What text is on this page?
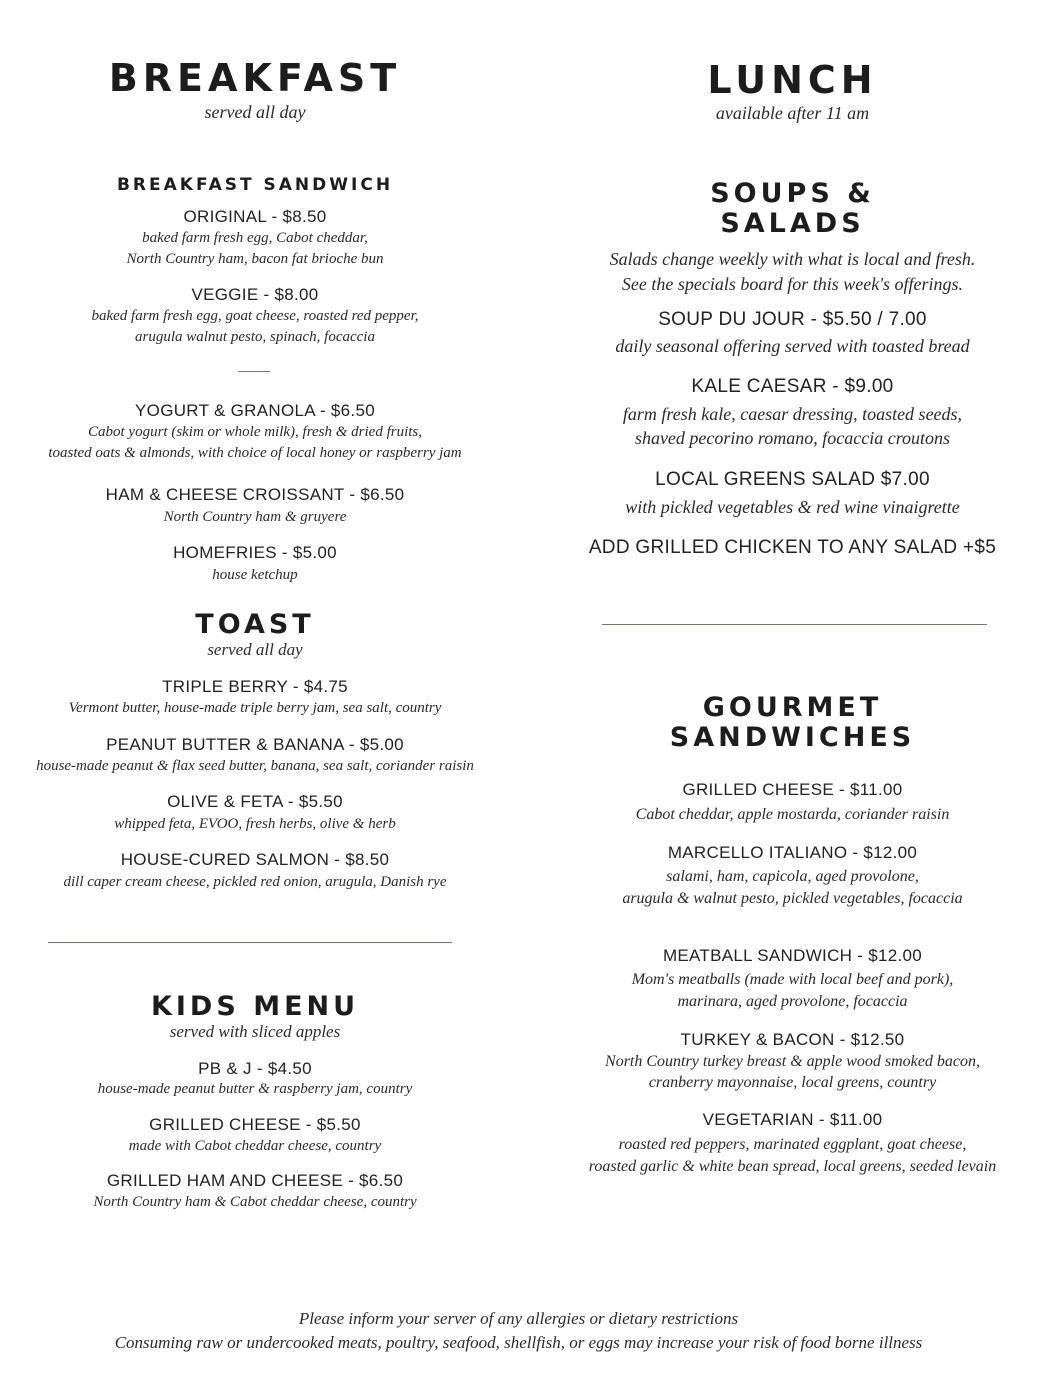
BREAKFAST
served all day
BREAKFAST SANDWICH
ORIGINAL - $8.50
baked farm fresh egg, Cabot cheddar,
North Country ham, bacon fat brioche bun
VEGGIE - $8.00
baked farm fresh egg, goat cheese, roasted red pepper,
arugula walnut pesto, spinach, focaccia
YOGURT & GRANOLA - $6.50
Cabot yogurt (skim or whole milk), fresh & dried fruits,
toasted oats & almonds, with choice of local honey or raspberry jam
HAM & CHEESE CROISSANT - $6.50
North Country ham & gruyere
HOMEFRIES - $5.00
house ketchup
TOAST
served all day
TRIPLE BERRY - $4.75
Vermont butter, house-made triple berry jam, sea salt, country
PEANUT BUTTER & BANANA - $5.00
house-made peanut & flax seed butter, banana, sea salt, coriander raisin
OLIVE & FETA - $5.50
whipped feta, EVOO, fresh herbs, olive & herb
HOUSE-CURED SALMON - $8.50
dill caper cream cheese, pickled red onion, arugula, Danish rye
KIDS MENU
served with sliced apples
PB & J - $4.50
house-made peanut butter & raspberry jam, country
GRILLED CHEESE - $5.50
made with Cabot cheddar cheese, country
GRILLED HAM AND CHEESE - $6.50
North Country ham & Cabot cheddar cheese, country
LUNCH
available after 11 am
SOUPS &
SALADS
Salads change weekly with what is local and fresh.
See the specials board for this week's offerings.
SOUP DU JOUR - $5.50 / 7.00
daily seasonal offering served with toasted bread
KALE CAESAR - $9.00
farm fresh kale, caesar dressing, toasted seeds,
shaved pecorino romano, focaccia croutons
LOCAL GREENS SALAD $7.00
with pickled vegetables & red wine vinaigrette
ADD GRILLED CHICKEN TO ANY SALAD +$5
GOURMET
SANDWICHES
GRILLED CHEESE - $11.00
Cabot cheddar, apple mostarda, coriander raisin
MARCELLO ITALIANO - $12.00
salami, ham, capicola, aged provolone,
arugula & walnut pesto, pickled vegetables, focaccia
MEATBALL SANDWICH - $12.00
Mom's meatballs (made with local beef and pork),
marinara, aged provolone, focaccia
TURKEY & BACON - $12.50
North Country turkey breast & apple wood smoked bacon,
cranberry mayonnaise, local greens, country
VEGETARIAN - $11.00
roasted red peppers, marinated eggplant, goat cheese,
roasted garlic & white bean spread, local greens, seeded levain
Please inform your server of any allergies or dietary restrictions
Consuming raw or undercooked meats, poultry, seafood, shellfish, or eggs may increase your risk of food borne illness
